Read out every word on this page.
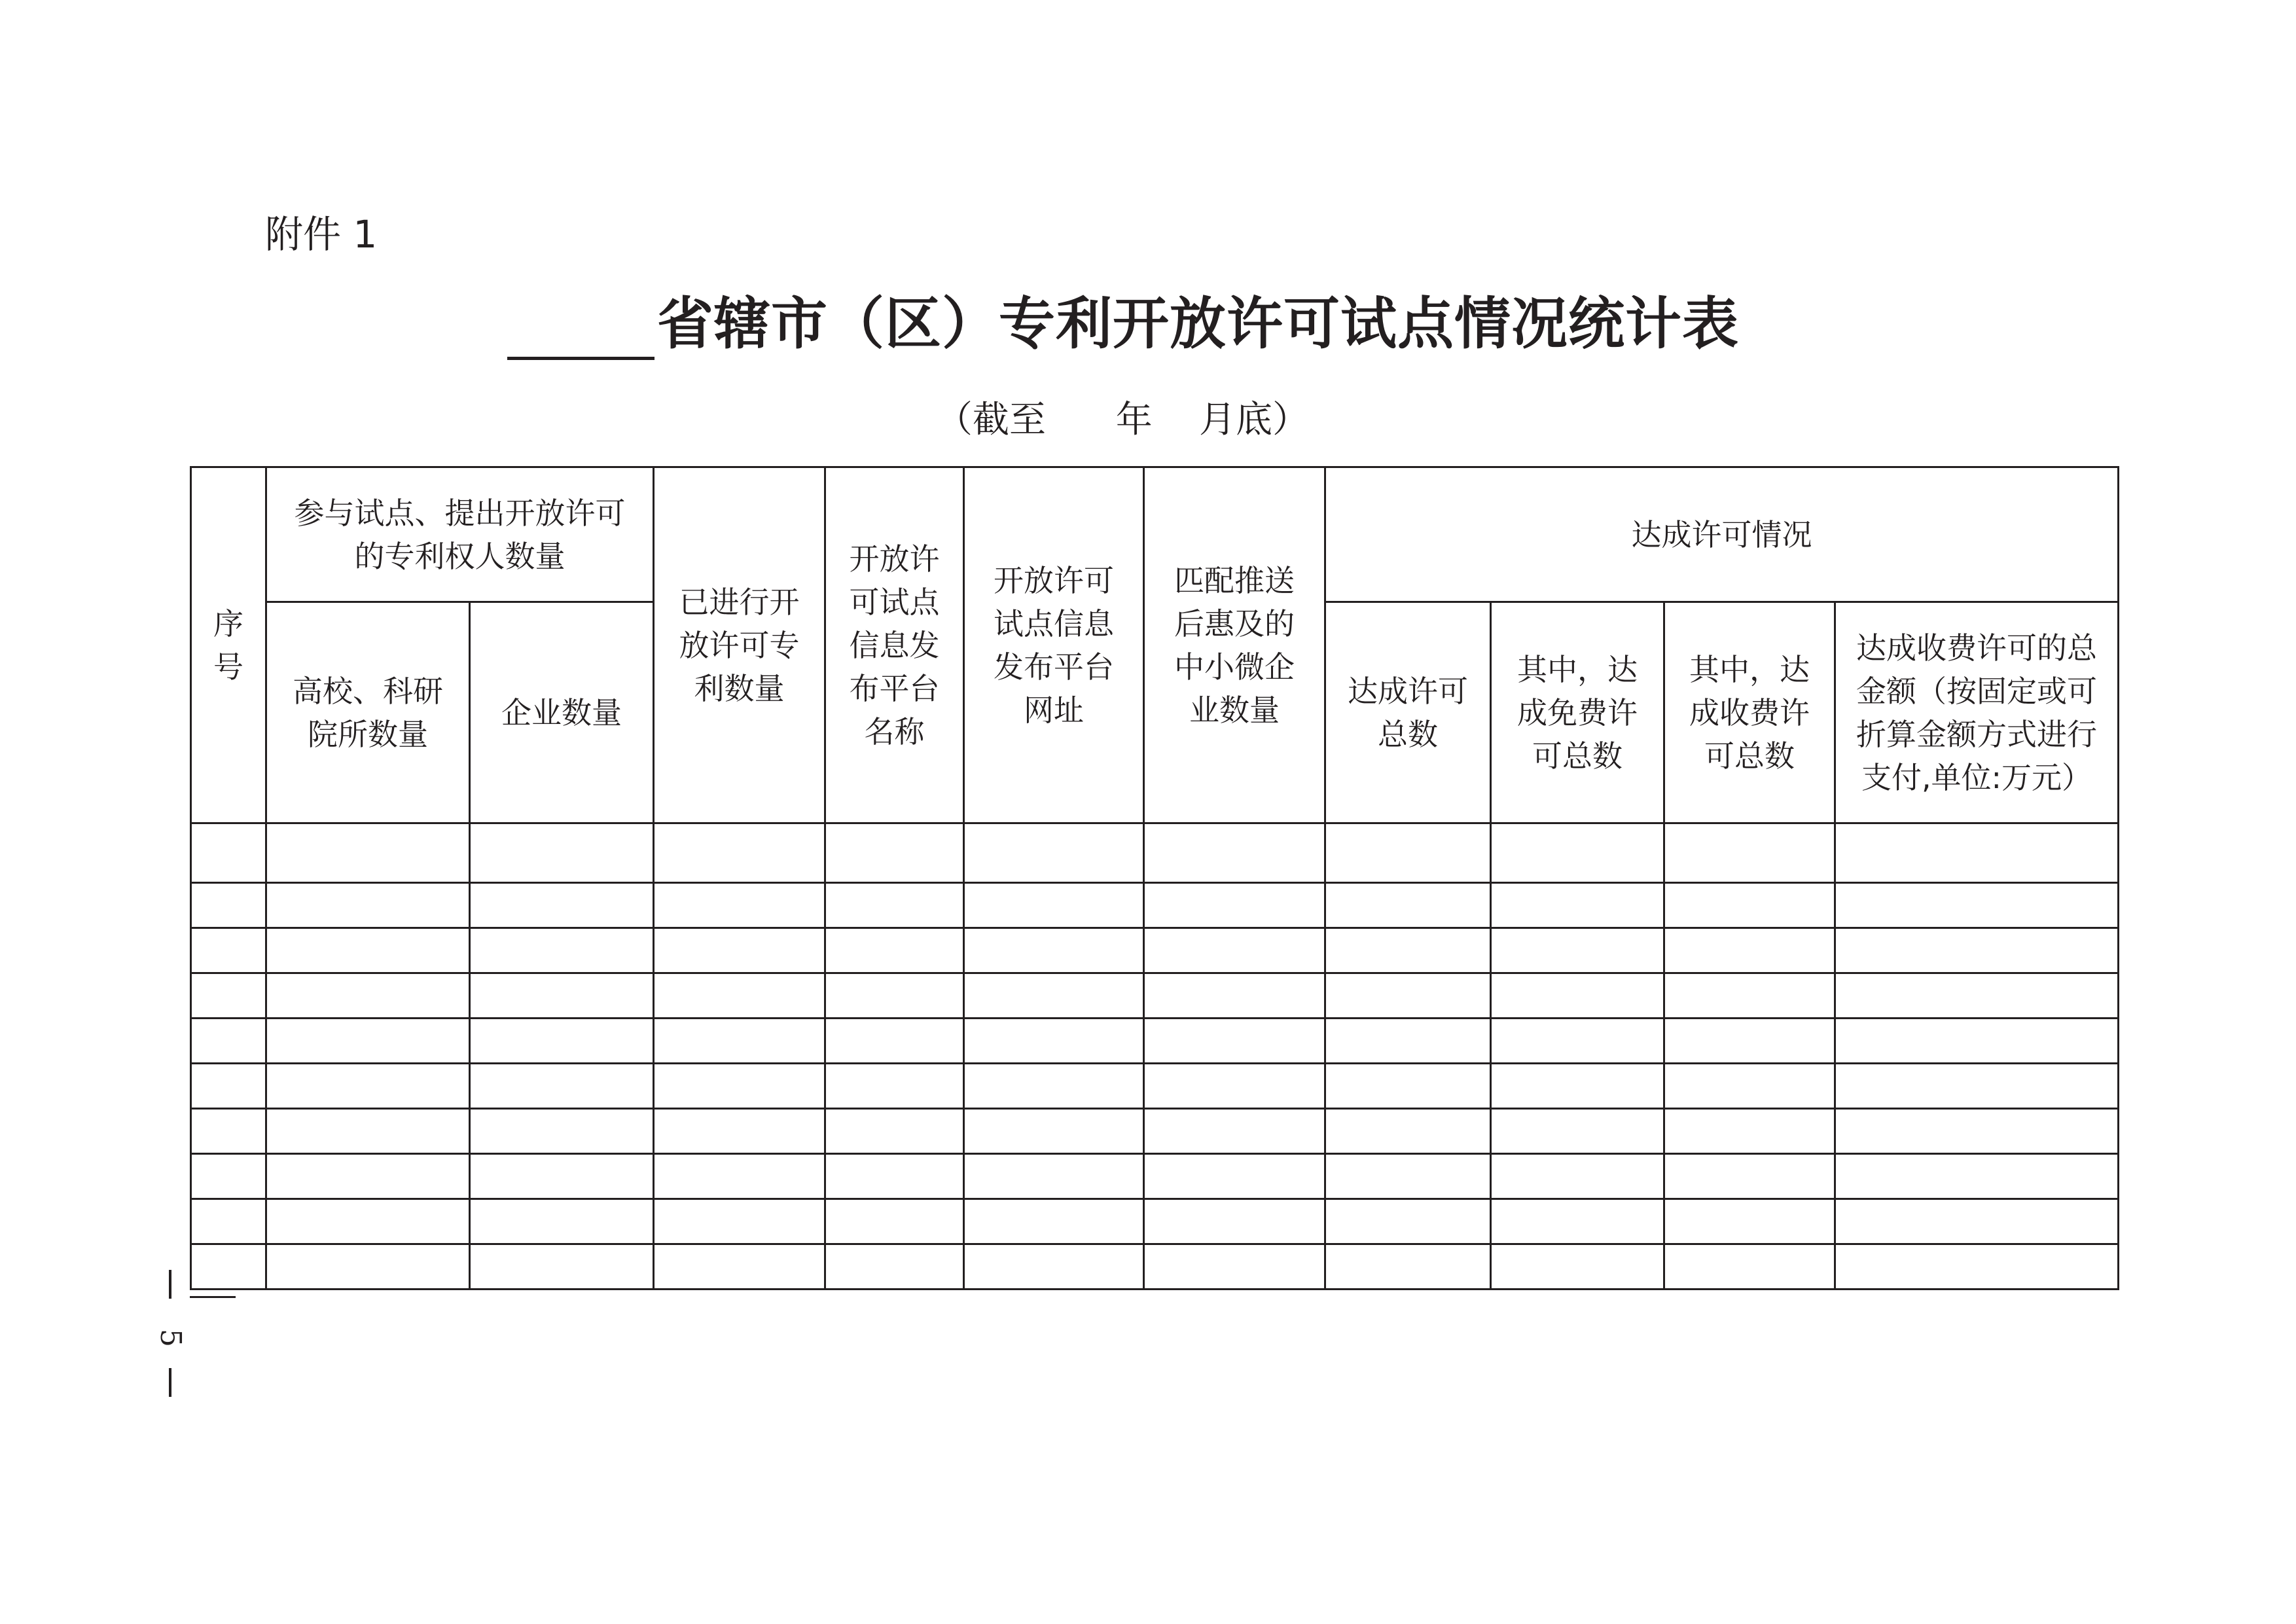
附件 1
省辖市（区）专利开放许可试点情况统计表
（截至      年    月底）
序号	参与试点、提出开放许可的专利权人数量		已进行开放许可专利数量	开放许可试点信息发布平台名称	开放许可试点信息发布平台网址	匹配推送后惠及的中小微企业数量	达成许可情况			
	高校、科研院所数量	企业数量					达成许可总数	其中，达成免费许可总数	其中，达成收费许可总数	达成收费许可的总金额（按固定或可折算金额方式进行支付,单位:万元）

5
